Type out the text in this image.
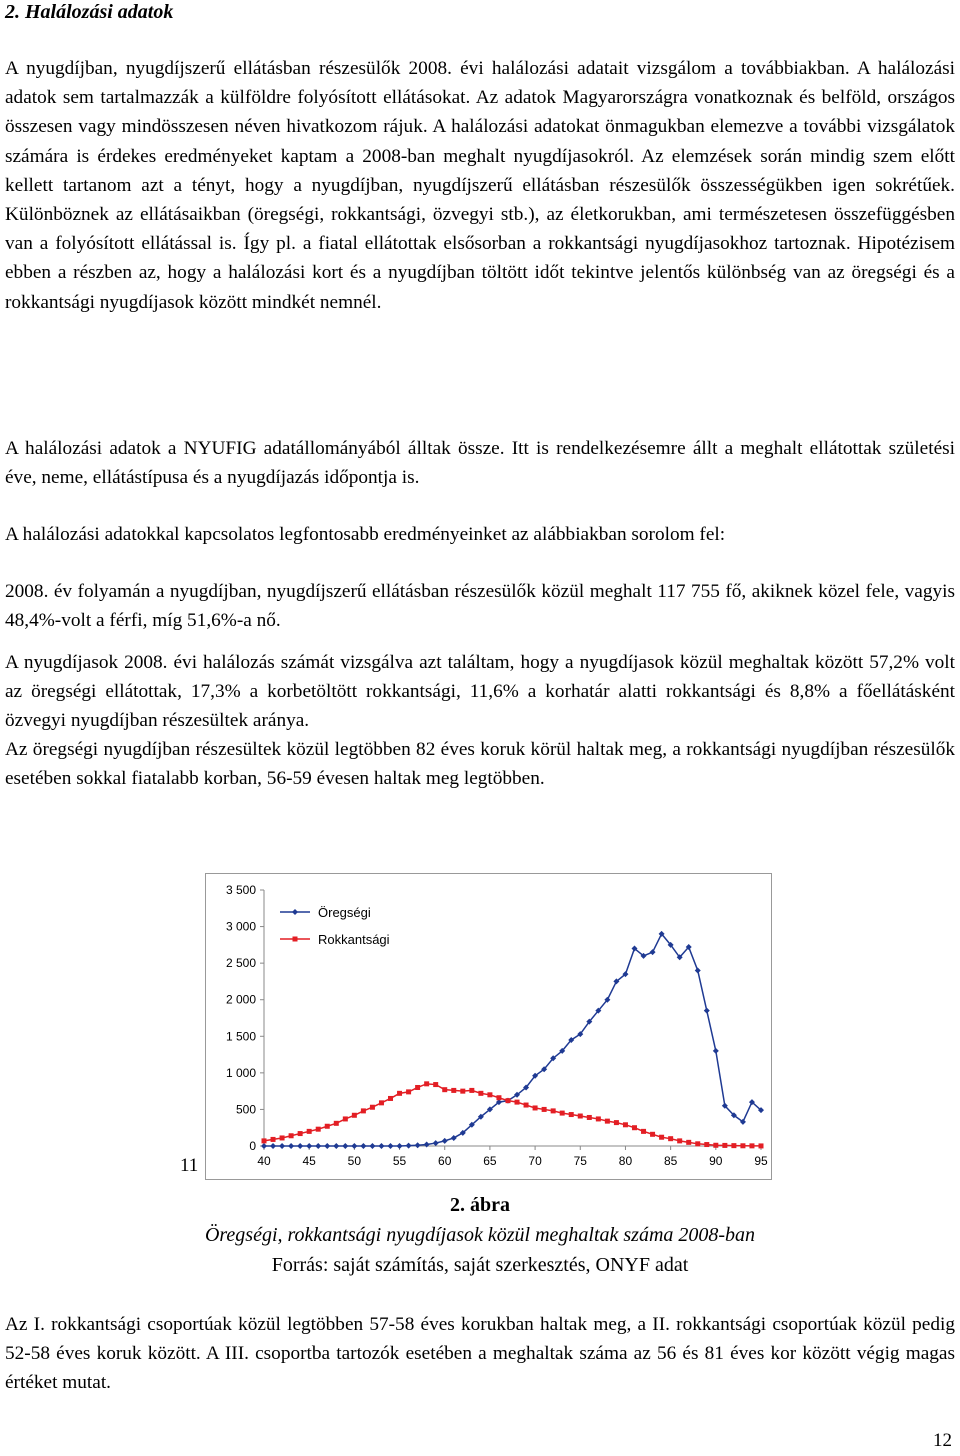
2. Halálozási adatok

A nyugdíjban, nyugdíjszerű ellátásban részesülők 2008. évi halálozási adatait vizsgálom a továbbiakban. A halálozási adatok sem tartalmazzák a külföldre folyósított ellátásokat. Az adatok Magyarországra vonatkoznak és belföld, országos összesen vagy mindösszesen néven hivatkozom rájuk. A halálozási adatokat önmagukban elemezve a további vizsgálatok számára is érdekes eredményeket kaptam a 2008-ban meghalt nyugdíjasokról. Az elemzések során mindig szem előtt kellett tartanom azt a tényt, hogy a nyugdíjban, nyugdíjszerű ellátásban részesülők összességükben igen sokrétűek. Különböznek az ellátásaikban (öregségi, rokkantsági, özvegyi stb.), az életkorukban, ami természetesen összefüggésben van a folyósított ellátással is. Így pl. a fiatal ellátottak elsősorban a rokkantsági nyugdíjasokhoz tartoznak. Hipotézisem ebben a részben az, hogy a halálozási kort és a nyugdíjban töltött időt tekintve jelentős különbség van az öregségi és a rokkantsági nyugdíjasok között mindkét nemnél.

A halálozási adatok a NYUFIG adatállományából álltak össze. Itt is rendelkezésemre állt a meghalt ellátottak születési éve, neme, ellátástípusa és a nyugdíjazás időpontja is.

A halálozási adatokkal kapcsolatos legfontosabb eredményeinket az alábbiakban sorolom fel:

2008. év folyamán a nyugdíjban, nyugdíjszerű ellátásban részesülők közül meghalt 117 755 fő, akiknek közel fele, vagyis 48,4%-volt a férfi, míg 51,6%-a nő.

A nyugdíjasok 2008. évi halálozás számát vizsgálva azt találtam, hogy a nyugdíjasok közül meghaltak között 57,2% volt az öregségi ellátottak, 17,3% a korbetöltött rokkantsági, 11,6% a korhatár alatti rokkantsági és 8,8% a főellátásként özvegyi nyugdíjban részesültek aránya.

Az öregségi nyugdíjban részesültek közül legtöbben 82 éves koruk körül haltak meg, a rokkantsági nyugdíjban részesülők esetében sokkal fiatalabb korban, 56-59 évesen haltak meg legtöbben.

0
500
1 000
1 500
2 000
2 500
3 000
3 500
40	45	50	55	60	65	70	75	80	85	90	95
Öregségi
Rokkantsági
11
2. ábra
Öregségi, rokkantsági nyugdíjasok közül meghaltak száma 2008-ban
Forrás: saját számítás, saját szerkesztés, ONYF adat

Az I. rokkantsági csoportúak közül legtöbben 57-58 éves korukban haltak meg, a II. rokkantsági csoportúak közül pedig 52-58 éves koruk között. A III. csoportba tartozók esetében a meghaltak száma az 56 és 81 éves kor között végig magas értéket mutat.

12
